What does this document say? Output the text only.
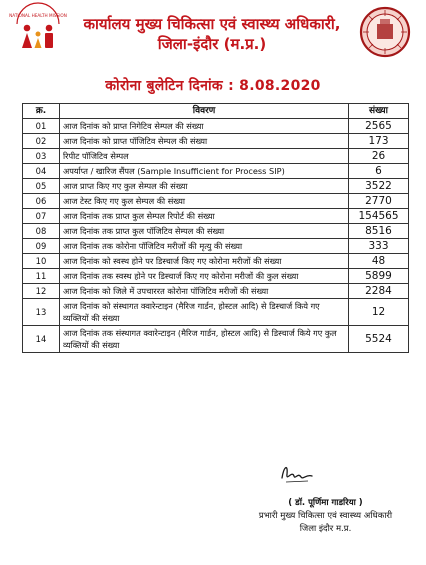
NATIONAL HEALTH MISSION	कार्यालय मुख्य चिकित्सा एवं स्वास्थ्य अधिकारी,
जिला-इंदौर (म.प्र.)
कोरोना बुलेटिन दिनांक : 8.08.2020
क्र.	विवरण	संख्या
01	आज दिनांक को प्राप्त निगेटिव सेम्पल की संख्या	2565
02	आज दिनांक को प्राप्त पॉजिटिव सेम्पल की संख्या	173
03	रिपीट पॉजिटिव सेम्पल	26
04	अपर्याप्त / खारिज सैंपल (Sample Insufficient for Process SIP)	6
05	आज प्राप्त किए गए कुल सेम्पल की संख्या	3522
06	आज टेस्ट किए गए कुल सेम्पल की संख्या	2770
07	आज दिनांक तक प्राप्त कुल सेम्पल रिपोर्ट की संख्या	154565
08	आज दिनांक तक प्राप्त कुल पॉजिटिव सेम्पल की संख्या	8516
09	आज दिनांक तक कोरोना पॉजिटिव मरीजों की मृत्यु की संख्या	333
10	आज दिनांक को स्वस्थ होने पर डिस्चार्ज किए गए कोरोना मरीजों की संख्या	48
11	आज दिनांक तक स्वस्थ होने पर डिस्चार्ज किए गए कोरोना मरीजों की कुल संख्या	5899
12	आज दिनांक को जिले में उपचाररत कोरोना पॉजिटिव मरीजों की संख्या	2284
13	आज दिनांक को संस्थागत क्वारेन्टाइन (मैरिज गार्डन, होस्टल आदि) से डिस्चार्ज किये गए व्यक्तियों की संख्या	12
14	आज दिनांक तक संस्थागत क्वारेन्टाइन (मैरिज गार्डन, होस्टल आदि) से डिस्चार्ज किये गए कुल व्यक्तियों की संख्या	5524
( डॉ. पूर्णिमा गाडरिया )
प्रभारी मुख्य चिकित्सा एवं स्वास्थ्य अधिकारी
जिला इंदौर म.प्र.
